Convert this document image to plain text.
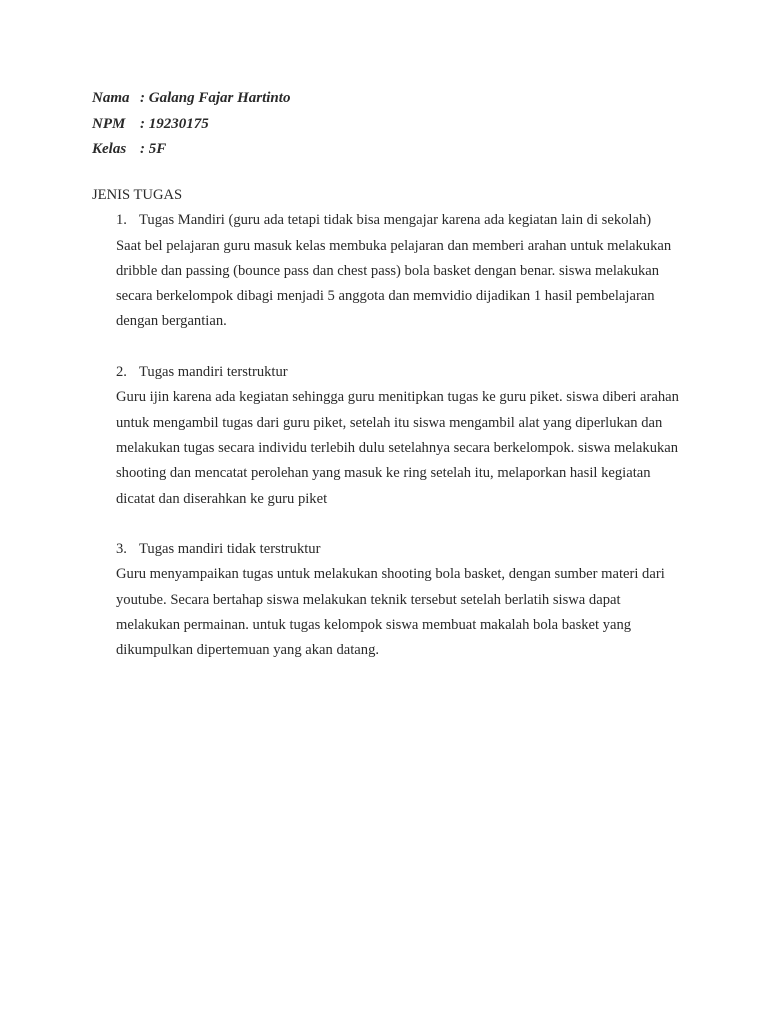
Nama : Galang Fajar Hartinto
NPM : 19230175
Kelas : 5F
JENIS TUGAS
1. Tugas Mandiri (guru ada tetapi tidak bisa mengajar karena ada kegiatan lain di sekolah)
Saat bel pelajaran guru masuk kelas membuka pelajaran dan memberi arahan untuk melakukan dribble dan passing (bounce pass dan chest pass) bola basket dengan benar. siswa melakukan secara berkelompok dibagi menjadi 5 anggota dan memvidio dijadikan 1 hasil pembelajaran dengan bergantian.
2. Tugas mandiri terstruktur
Guru ijin karena ada kegiatan sehingga guru menitipkan tugas ke guru piket. siswa diberi arahan untuk mengambil tugas dari guru piket, setelah itu siswa mengambil alat yang diperlukan dan melakukan tugas secara individu terlebih dulu setelahnya secara berkelompok. siswa melakukan shooting dan mencatat perolehan yang masuk ke ring setelah itu, melaporkan hasil kegiatan dicatat dan diserahkan ke guru piket
3. Tugas mandiri tidak terstruktur
Guru menyampaikan tugas untuk melakukan shooting bola basket, dengan sumber materi dari youtube. Secara bertahap siswa melakukan teknik tersebut setelah berlatih siswa dapat melakukan permainan. untuk tugas kelompok siswa membuat makalah bola basket yang dikumpulkan dipertemuan yang akan datang.
